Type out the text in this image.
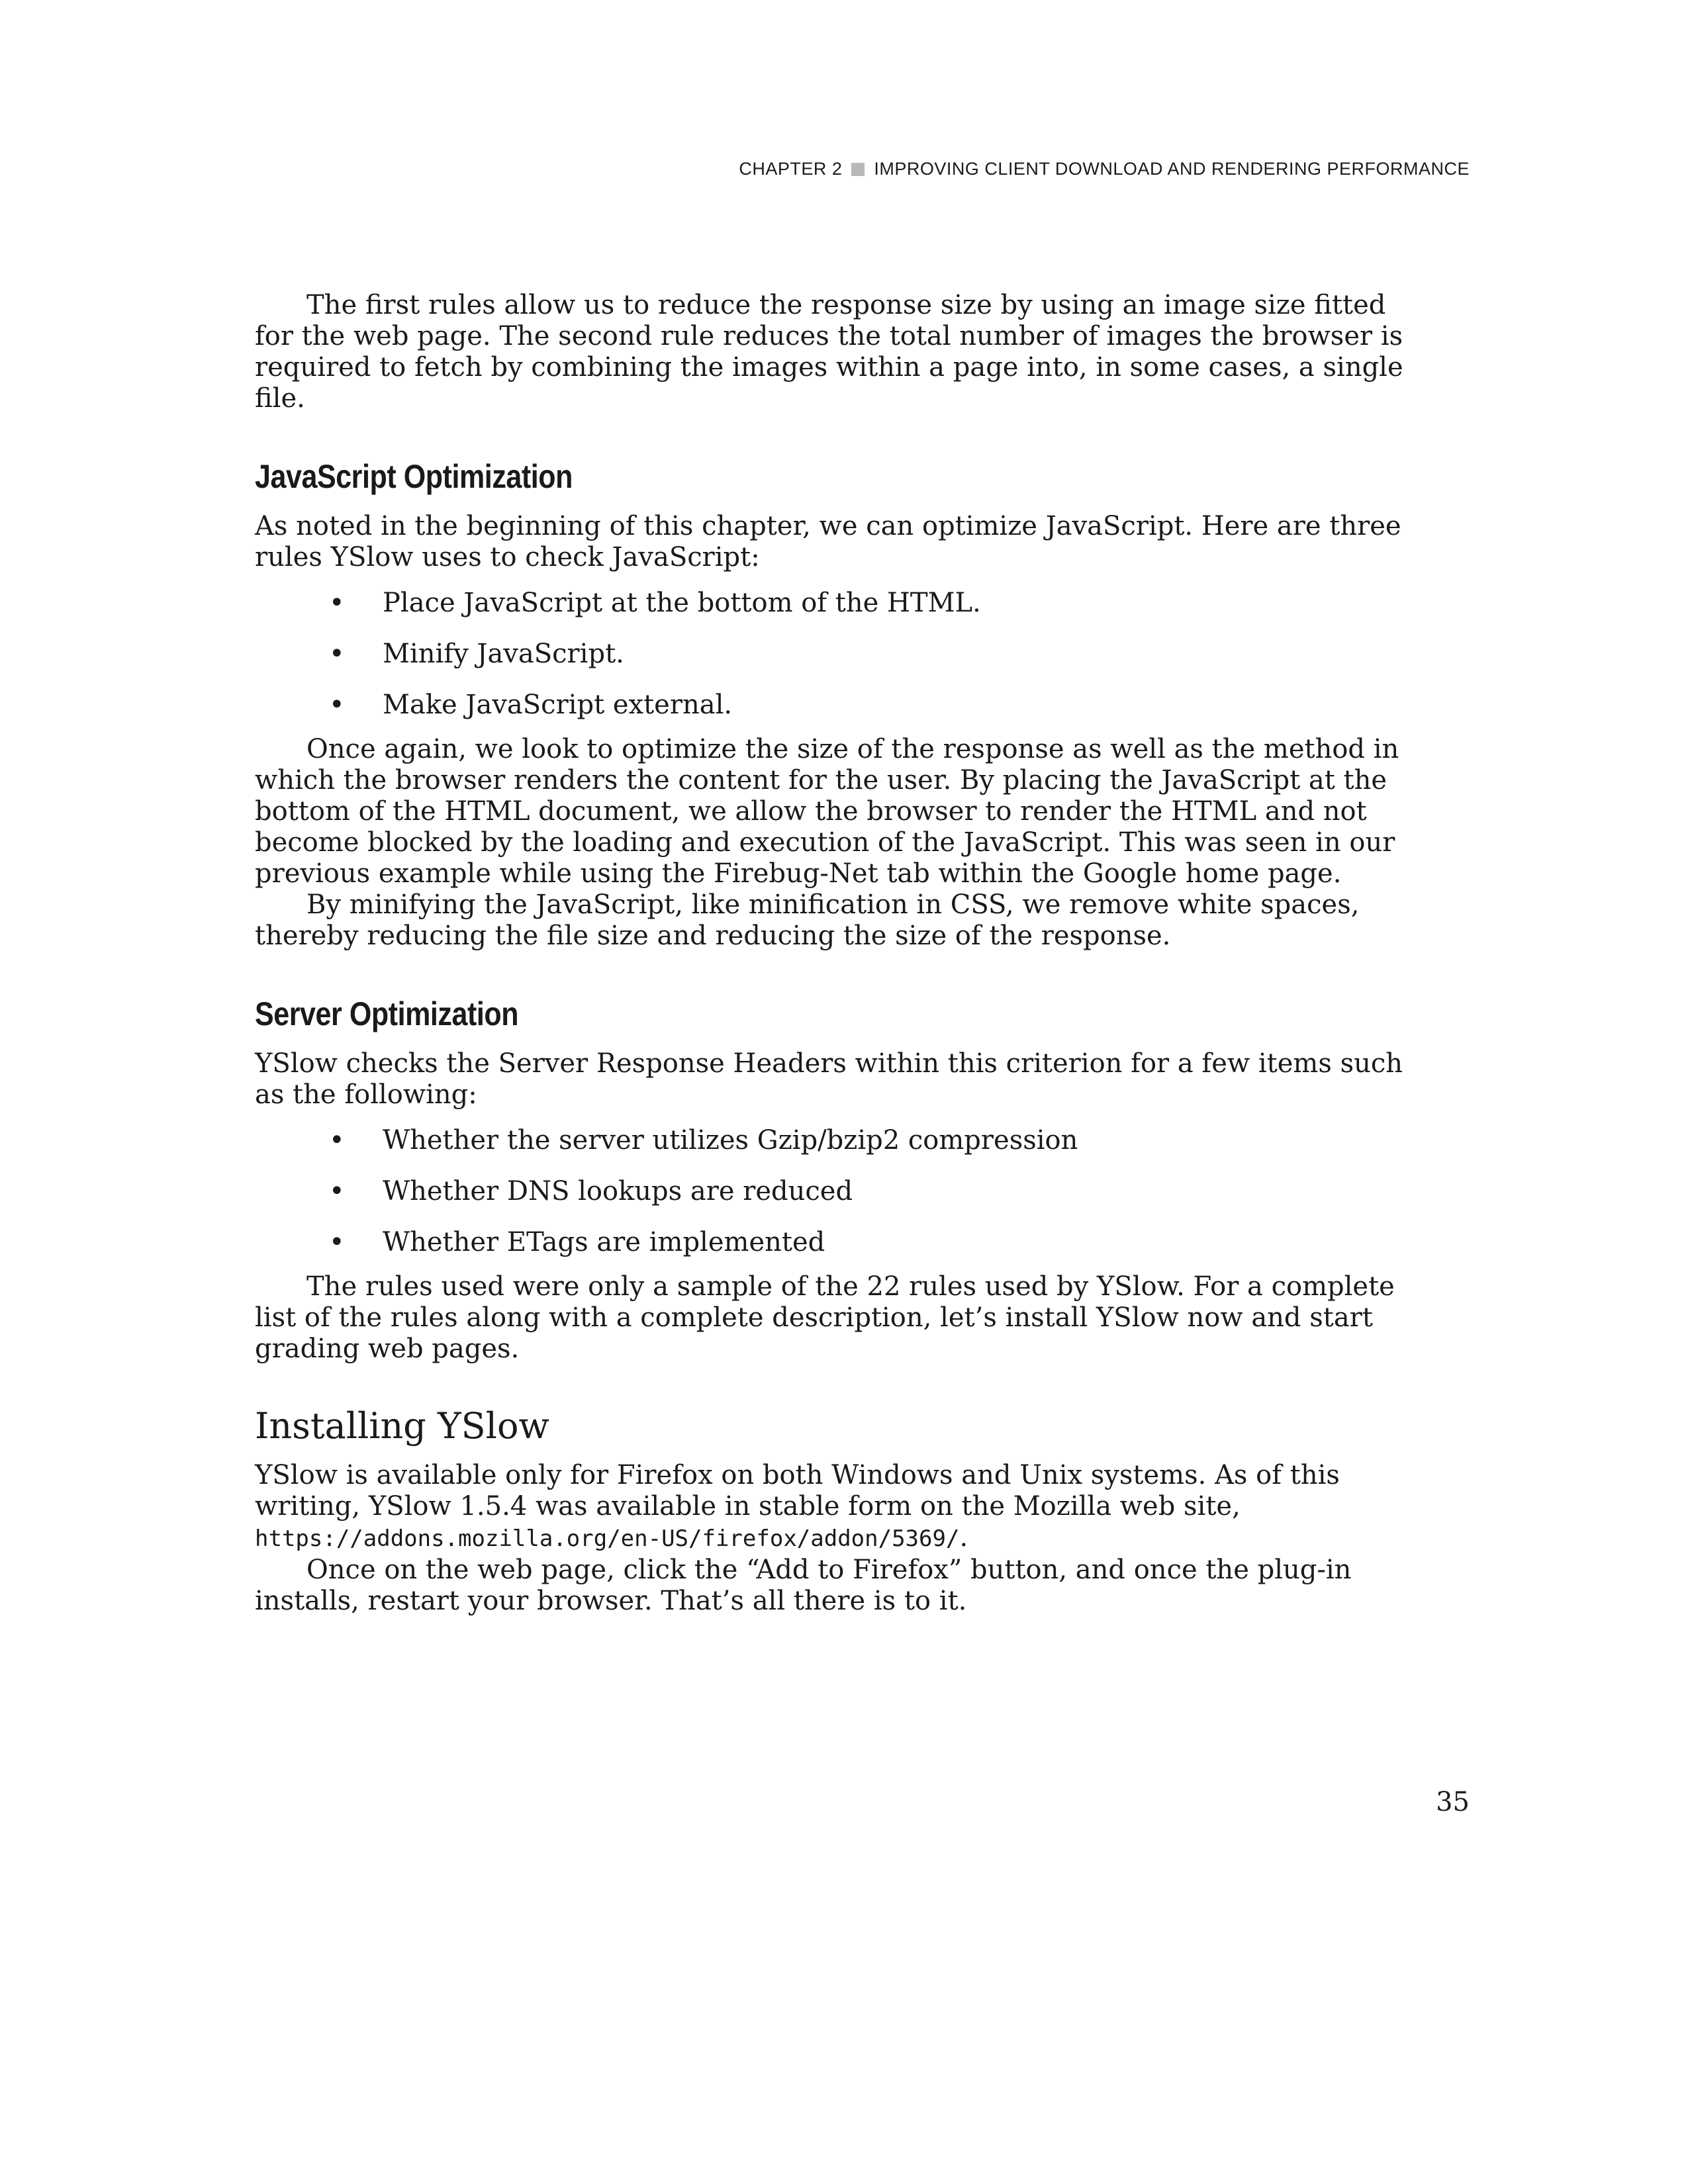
CHAPTER 2 IMPROVING CLIENT DOWNLOAD AND RENDERING PERFORMANCE

The first rules allow us to reduce the response size by using an image size fitted for the web page. The second rule reduces the total number of images the browser is required to fetch by combining the images within a page into, in some cases, a single file.

JavaScript Optimization

As noted in the beginning of this chapter, we can optimize JavaScript. Here are three rules YSlow uses to check JavaScript:

• Place JavaScript at the bottom of the HTML.
• Minify JavaScript.
• Make JavaScript external.

Once again, we look to optimize the size of the response as well as the method in which the browser renders the content for the user. By placing the JavaScript at the bottom of the HTML document, we allow the browser to render the HTML and not become blocked by the loading and execution of the JavaScript. This was seen in our previous example while using the Firebug-Net tab within the Google home page.

By minifying the JavaScript, like minification in CSS, we remove white spaces, thereby reducing the file size and reducing the size of the response.

Server Optimization

YSlow checks the Server Response Headers within this criterion for a few items such as the following:

• Whether the server utilizes Gzip/bzip2 compression
• Whether DNS lookups are reduced
• Whether ETags are implemented

The rules used were only a sample of the 22 rules used by YSlow. For a complete list of the rules along with a complete description, let’s install YSlow now and start grading web pages.

Installing YSlow

YSlow is available only for Firefox on both Windows and Unix systems. As of this writing, YSlow 1.5.4 was available in stable form on the Mozilla web site,
https://addons.mozilla.org/en-US/firefox/addon/5369/.

Once on the web page, click the “Add to Firefox” button, and once the plug-in installs, restart your browser. That’s all there is to it.

35
